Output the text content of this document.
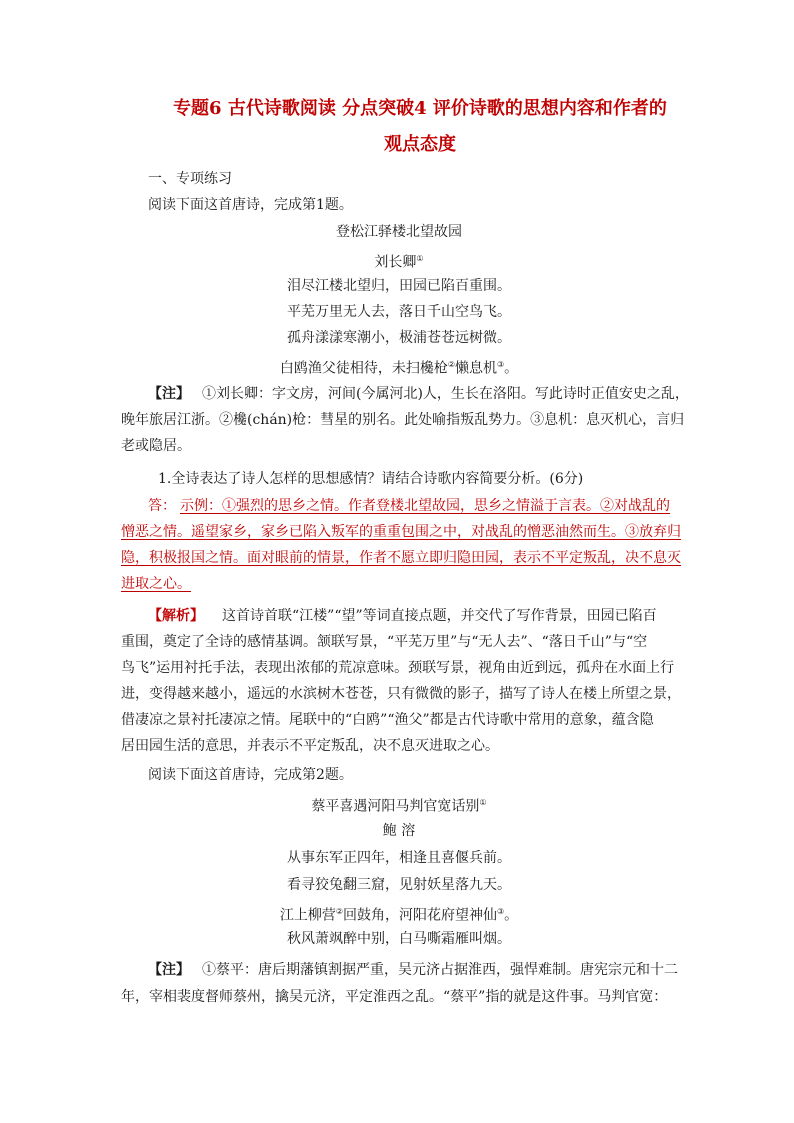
专题6 古代诗歌阅读 分点突破4 评价诗歌的思想内容和作者的
观点态度
一、专项练习
阅读下面这首唐诗，完成第1题。
登松江驿楼北望故园
刘长卿①
泪尽江楼北望归，田园已陷百重围。
平芜万里无人去，落日千山空鸟飞。
孤舟漾漾寒潮小，极浦苍苍远树微。
白鸥渔父徒相待，未扫欃枪②懒息机③。
【注】 ①刘长卿：字文房，河间(今属河北)人，生长在洛阳。写此诗时正值安史之乱，
晚年旅居江浙。②欃(chán)枪：彗星的别名。此处喻指叛乱势力。③息机：息灭机心，言归
老或隐居。
1.全诗表达了诗人怎样的思想感情？请结合诗歌内容简要分析。(6分)
答： 示例：①强烈的思乡之情。作者登楼北望故园，思乡之情溢于言表。②对战乱的
憎恶之情。遥望家乡，家乡已陷入叛军的重重包围之中，对战乱的憎恶油然而生。③放弃归
隐，积极报国之情。面对眼前的情景，作者不愿立即归隐田园，表示不平定叛乱，决不息灭
进取之心。
【解析】 这首诗首联“江楼”“望”等词直接点题，并交代了写作背景，田园已陷百
重围，奠定了全诗的感情基调。颔联写景，“平芜万里”与“无人去”、“落日千山”与“空
鸟飞”运用衬托手法，表现出浓郁的荒凉意味。颈联写景，视角由近到远，孤舟在水面上行
进，变得越来越小，遥远的水滨树木苍苍，只有微微的影子，描写了诗人在楼上所望之景，
借凄凉之景衬托凄凉之情。尾联中的“白鸥”“渔父”都是古代诗歌中常用的意象，蕴含隐
居田园生活的意思，并表示不平定叛乱，决不息灭进取之心。
阅读下面这首唐诗，完成第2题。
蔡平喜遇河阳马判官宽话别①
鲍 溶
从事东军正四年，相逢且喜偃兵前。
看寻狡兔翻三窟，见射妖星落九天。
江上柳营②回鼓角，河阳花府望神仙③。
秋风萧飒醉中别，白马嘶霜雁叫烟。
【注】 ①蔡平：唐后期藩镇割据严重，吴元济占据淮西，强悍难制。唐宪宗元和十二
年，宰相裴度督师蔡州，擒吴元济，平定淮西之乱。“蔡平”指的就是这件事。马判官宽：
